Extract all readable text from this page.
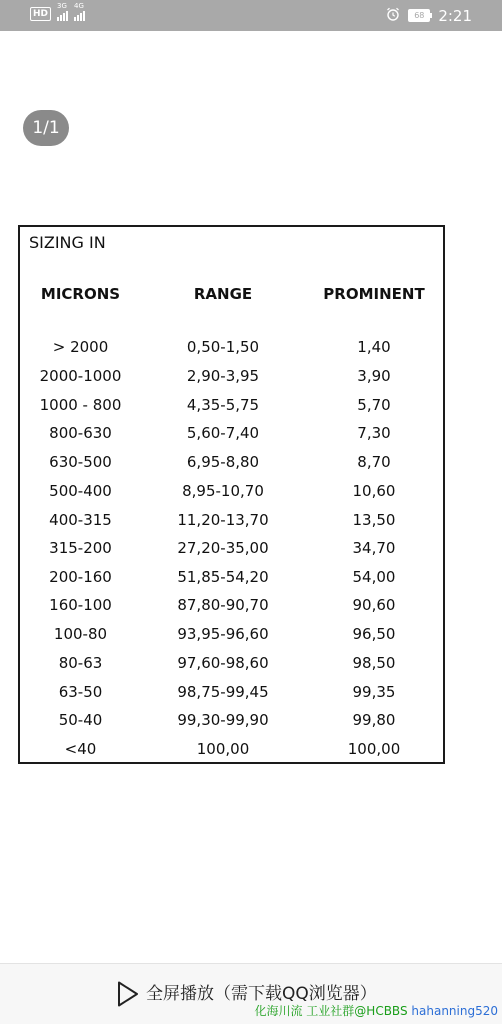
HD
3G 4G
68 2:21
1/1
SIZING IN
MICRONS	RANGE	PROMINENT
> 2000	0,50-1,50	1,40
2000-1000	2,90-3,95	3,90
1000 - 800	4,35-5,75	5,70
800-630	5,60-7,40	7,30
630-500	6,95-8,80	8,70
500-400	8,95-10,70	10,60
400-315	11,20-13,70	13,50
315-200	27,20-35,00	34,70
200-160	51,85-54,20	54,00
160-100	87,80-90,70	90,60
100-80	93,95-96,60	96,50
80-63	97,60-98,60	98,50
63-50	98,75-99,45	99,35
50-40	99,30-99,90	99,80
<40	100,00	100,00
全屏播放（需下载QQ浏览器）
化海川流 工业社群@HCBBS hahanning520
